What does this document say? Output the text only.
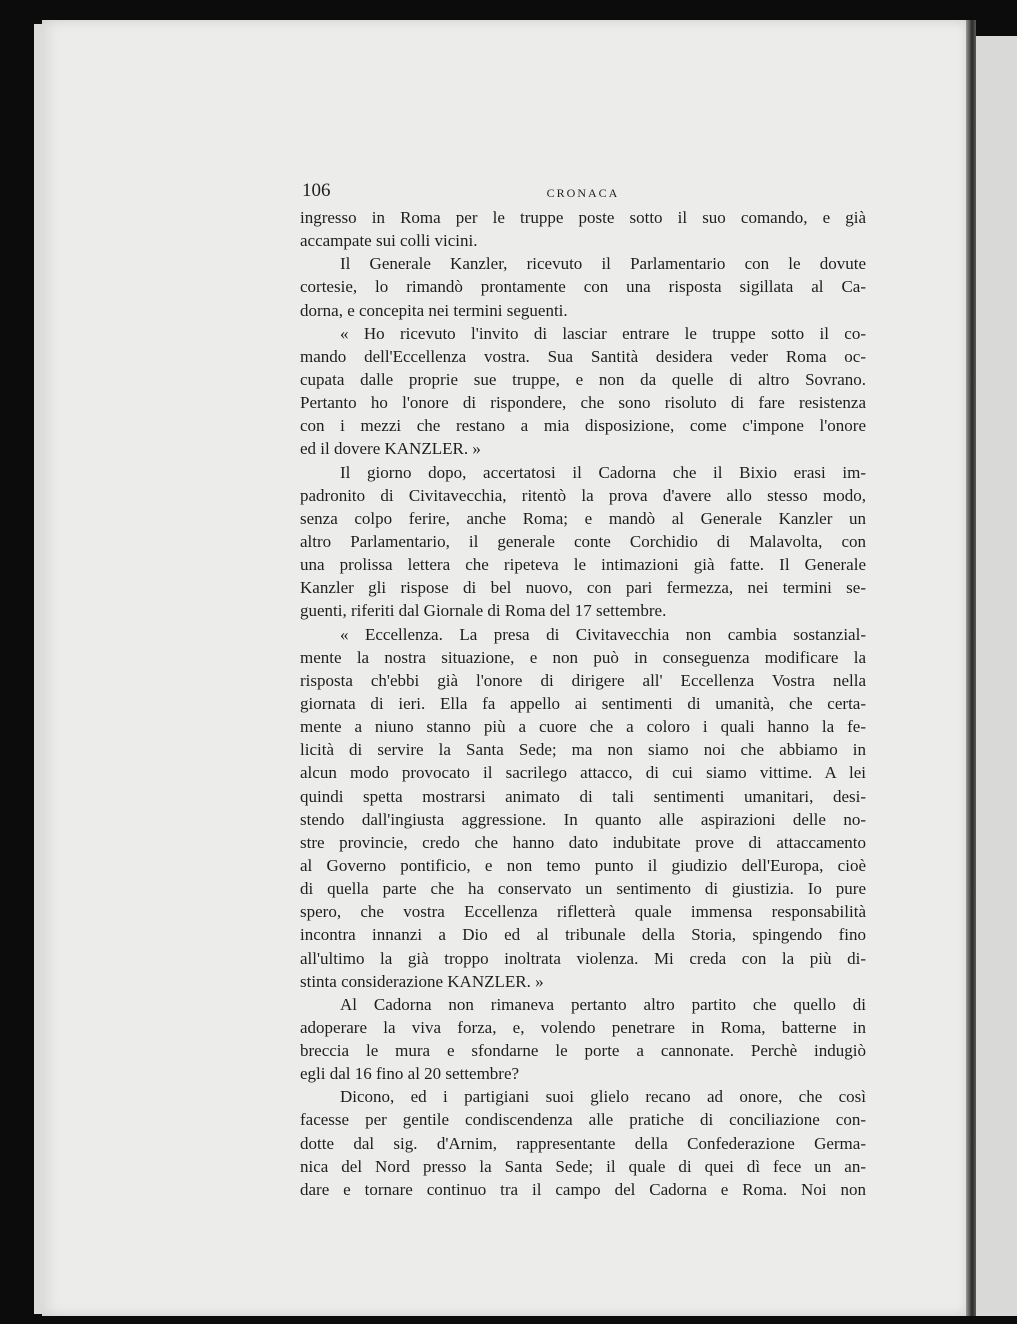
106	CRONACA
ingresso in Roma per le truppe poste sotto il suo comando, e già
accampate sui colli vicini.
Il Generale Kanzler, ricevuto il Parlamentario con le dovute
cortesie, lo rimandò prontamente con una risposta sigillata al Ca-
dorna, e concepita nei termini seguenti.
« Ho ricevuto l'invito di lasciar entrare le truppe sotto il co-
mando dell'Eccellenza vostra. Sua Santità desidera veder Roma oc-
cupata dalle proprie sue truppe, e non da quelle di altro Sovrano.
Pertanto ho l'onore di rispondere, che sono risoluto di fare resistenza
con i mezzi che restano a mia disposizione, come c'impone l'onore
ed il dovere KANZLER. »
Il giorno dopo, accertatosi il Cadorna che il Bixio erasi im-
padronito di Civitavecchia, ritentò la prova d'avere allo stesso modo,
senza colpo ferire, anche Roma; e mandò al Generale Kanzler un
altro Parlamentario, il generale conte Corchidio di Malavolta, con
una prolissa lettera che ripeteva le intimazioni già fatte. Il Generale
Kanzler gli rispose di bel nuovo, con pari fermezza, nei termini se-
guenti, riferiti dal Giornale di Roma del 17 settembre.
« Eccellenza. La presa di Civitavecchia non cambia sostanzial-
mente la nostra situazione, e non può in conseguenza modificare la
risposta ch'ebbi già l'onore di dirigere all' Eccellenza Vostra nella
giornata di ieri. Ella fa appello ai sentimenti di umanità, che certa-
mente a niuno stanno più a cuore che a coloro i quali hanno la fe-
licità di servire la Santa Sede; ma non siamo noi che abbiamo in
alcun modo provocato il sacrilego attacco, di cui siamo vittime. A lei
quindi spetta mostrarsi animato di tali sentimenti umanitari, desi-
stendo dall'ingiusta aggressione. In quanto alle aspirazioni delle no-
stre provincie, credo che hanno dato indubitate prove di attaccamento
al Governo pontificio, e non temo punto il giudizio dell'Europa, cioè
di quella parte che ha conservato un sentimento di giustizia. Io pure
spero, che vostra Eccellenza rifletterà quale immensa responsabilità
incontra innanzi a Dio ed al tribunale della Storia, spingendo fino
all'ultimo la già troppo inoltrata violenza. Mi creda con la più di-
stinta considerazione KANZLER. »
Al Cadorna non rimaneva pertanto altro partito che quello di
adoperare la viva forza, e, volendo penetrare in Roma, batterne in
breccia le mura e sfondarne le porte a cannonate. Perchè indugiò
egli dal 16 fino al 20 settembre?
Dicono, ed i partigiani suoi glielo recano ad onore, che così
facesse per gentile condiscendenza alle pratiche di conciliazione con-
dotte dal sig. d'Arnim, rappresentante della Confederazione Germa-
nica del Nord presso la Santa Sede; il quale di quei dì fece un an-
dare e tornare continuo tra il campo del Cadorna e Roma. Noi non
